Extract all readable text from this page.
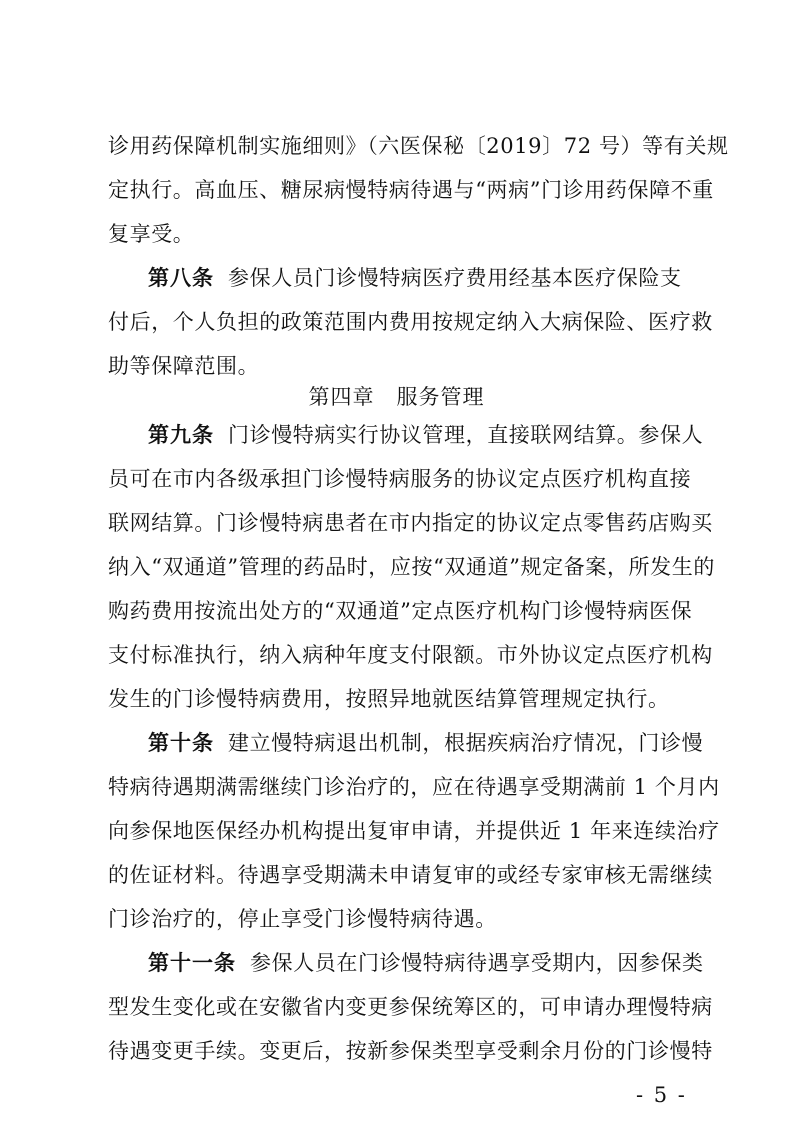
诊用药保障机制实施细则》（六医保秘〔2019〕72 号）等有关规
定执行。高血压、糖尿病慢特病待遇与“两病”门诊用药保障不重
复享受。
第八条 参保人员门诊慢特病医疗费用经基本医疗保险支
付后，个人负担的政策范围内费用按规定纳入大病保险、医疗救
助等保障范围。
第四章 服务管理
第九条 门诊慢特病实行协议管理，直接联网结算。参保人
员可在市内各级承担门诊慢特病服务的协议定点医疗机构直接
联网结算。门诊慢特病患者在市内指定的协议定点零售药店购买
纳入“双通道”管理的药品时，应按“双通道”规定备案，所发生的
购药费用按流出处方的“双通道”定点医疗机构门诊慢特病医保
支付标准执行，纳入病种年度支付限额。市外协议定点医疗机构
发生的门诊慢特病费用，按照异地就医结算管理规定执行。
第十条 建立慢特病退出机制，根据疾病治疗情况，门诊慢
特病待遇期满需继续门诊治疗的，应在待遇享受期满前 1 个月内
向参保地医保经办机构提出复审申请，并提供近 1 年来连续治疗
的佐证材料。待遇享受期满未申请复审的或经专家审核无需继续
门诊治疗的，停止享受门诊慢特病待遇。
第十一条 参保人员在门诊慢特病待遇享受期内，因参保类
型发生变化或在安徽省内变更参保统筹区的，可申请办理慢特病
待遇变更手续。变更后，按新参保类型享受剩余月份的门诊慢特
- 5 -
